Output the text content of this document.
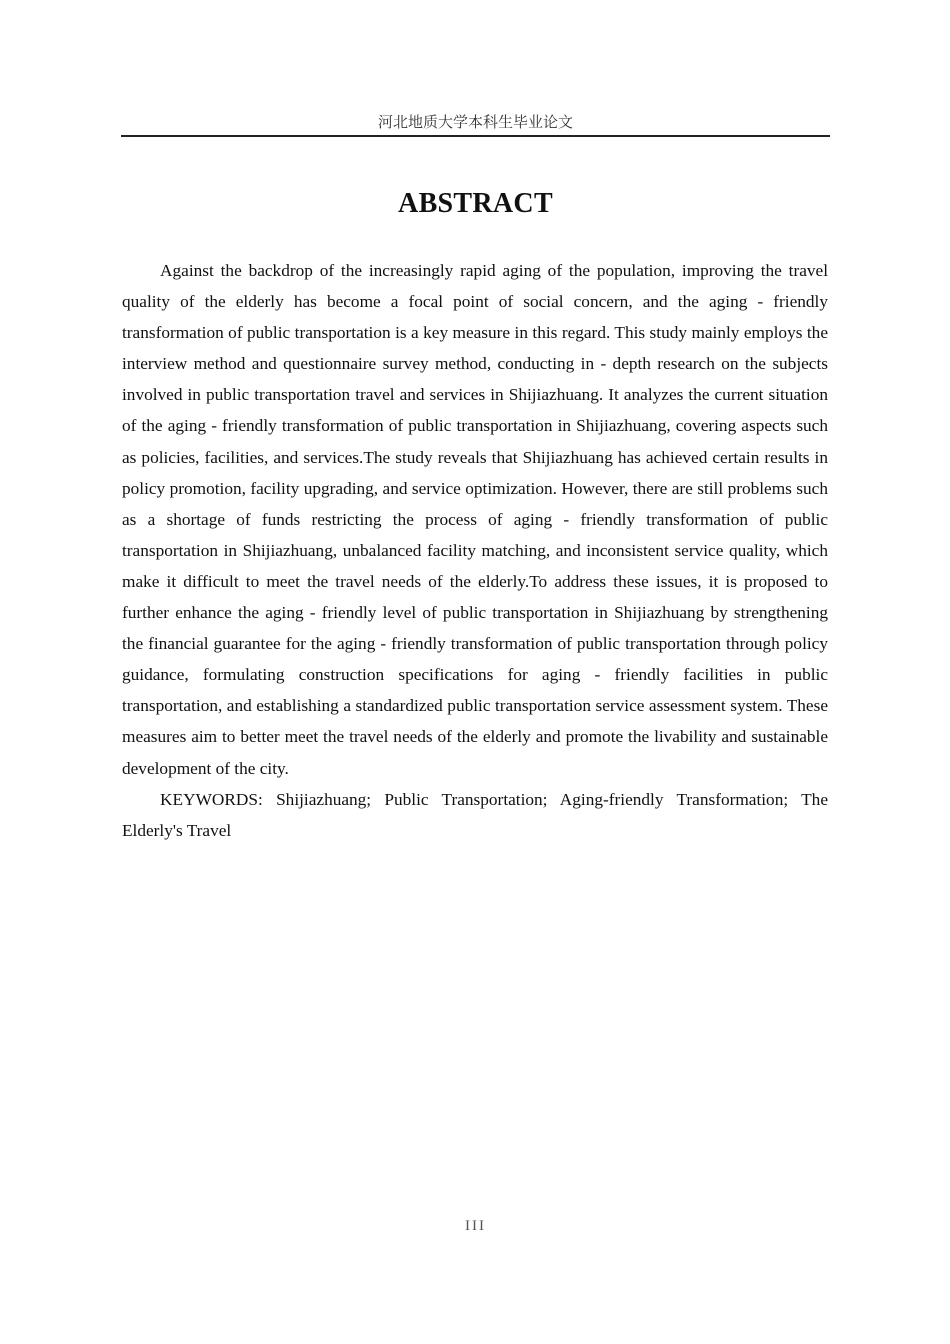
河北地质大学本科生毕业论文
ABSTRACT

Against the backdrop of the increasingly rapid aging of the population, improving the travel quality of the elderly has become a focal point of social concern, and the aging - friendly transformation of public transportation is a key measure in this regard. This study mainly employs the interview method and questionnaire survey method, conducting in - depth research on the subjects involved in public transportation travel and services in Shijiazhuang. It analyzes the current situation of the aging - friendly transformation of public transportation in Shijiazhuang, covering aspects such as policies, facilities, and services.The study reveals that Shijiazhuang has achieved certain results in policy promotion, facility upgrading, and service optimization. However, there are still problems such as a shortage of funds restricting the process of aging - friendly transformation of public transportation in Shijiazhuang, unbalanced facility matching, and inconsistent service quality, which make it difficult to meet the travel needs of the elderly.To address these issues, it is proposed to further enhance the aging - friendly level of public transportation in Shijiazhuang by strengthening the financial guarantee for the aging - friendly transformation of public transportation through policy guidance, formulating construction specifications for aging - friendly facilities in public transportation, and establishing a standardized public transportation service assessment system. These measures aim to better meet the travel needs of the elderly and promote the livability and sustainable development of the city.

KEYWORDS: Shijiazhuang; Public Transportation; Aging-friendly Transformation; The Elderly's Travel

III
